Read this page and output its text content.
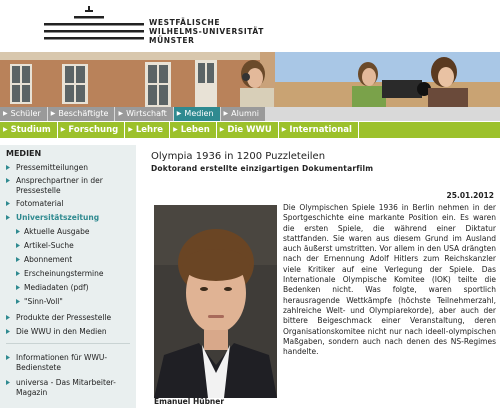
WESTFÄLISCHE
WILHELMS-UNIVERSITÄT
MÜNSTER
▶ Schüler ▶ Beschäftigte ▶ Wirtschaft ▶ Medien ▶ Alumni
▶ Studium ▶ Forschung ▶ Lehre ▶ Leben ▶ Die WWU ▶ International
MEDIEN
Pressemitteilungen
Ansprechpartner in der Pressestelle
Fotomaterial
Universitätszeitung
Aktuelle Ausgabe
Artikel-Suche
Abonnement
Erscheinungstermine
Mediadaten (pdf)
"Sinn-Voll"
Produkte der Pressestelle
Die WWU in den Medien
Informationen für WWU-Bedienstete
universa - Das Mitarbeiter-Magazin
Olympia 1936 in 1200 Puzzleteilen
Doktorand erstellte einzigartigen Dokumentarfilm
25.01.2012
Emanuel Hübner
Die Olympischen Spiele 1936 in Berlin nehmen in der Sportgeschichte eine markante Position ein. Es waren die ersten Spiele, die während einer Diktatur stattfanden. Sie waren aus diesem Grund im Ausland auch äußerst umstritten. Vor allem in den USA drängten nach der Ernennung Adolf Hitlers zum Reichskanzler viele Kritiker auf eine Verlegung der Spiele. Das Internationale Olympische Komitee (IOK) teilte die Bedenken nicht. Was folgte, waren sportlich herausragende Wettkämpfe (höchste Teilnehmerzahl, zahlreiche Welt- und Olympiarekorde), aber auch der bittere Beigeschmack einer Veranstaltung, deren Organisationskomitee nicht nur nach ideell-olympischen Maßgaben, sondern auch nach denen des NS-Regimes handelte.
